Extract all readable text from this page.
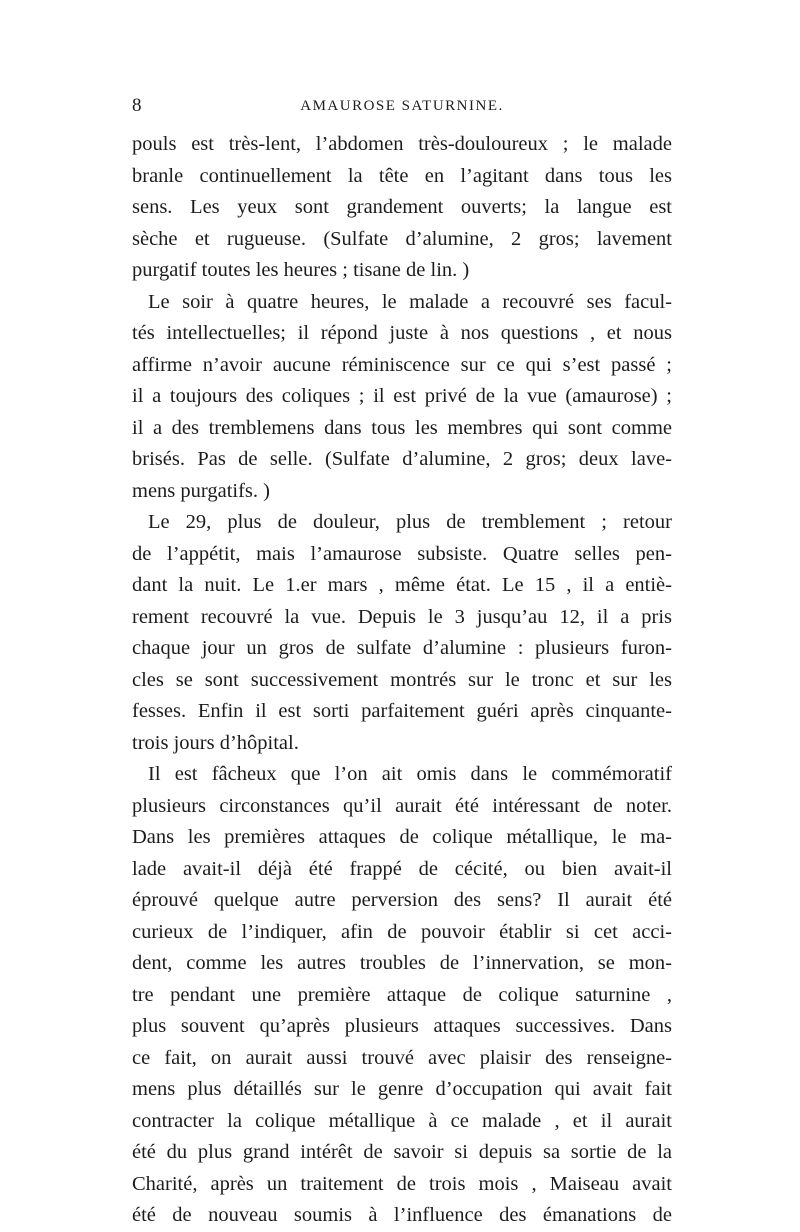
8	AMAUROSE SATURNINE.
pouls est très-lent, l’abdomen très-douloureux ; le malade
branle continuellement la tête en l’agitant dans tous les
sens. Les yeux sont grandement ouverts; la langue est
sèche et rugueuse. (Sulfate d’alumine, 2 gros; lavement
purgatif toutes les heures ; tisane de lin. )
Le soir à quatre heures, le malade a recouvré ses facul-
tés intellectuelles; il répond juste à nos questions , et nous
affirme n’avoir aucune réminiscence sur ce qui s’est passé ;
il a toujours des coliques ; il est privé de la vue (amaurose) ;
il a des tremblemens dans tous les membres qui sont comme
brisés. Pas de selle. (Sulfate d’alumine, 2 gros; deux lave-
mens purgatifs. )
Le 29, plus de douleur, plus de tremblement ; retour
de l’appétit, mais l’amaurose subsiste. Quatre selles pen-
dant la nuit. Le 1.er mars , même état. Le 15 , il a entiè-
rement recouvré la vue. Depuis le 3 jusqu’au 12, il a pris
chaque jour un gros de sulfate d’alumine : plusieurs furon-
cles se sont successivement montrés sur le tronc et sur les
fesses. Enfin il est sorti parfaitement guéri après cinquante-
trois jours d’hôpital.
Il est fâcheux que l’on ait omis dans le commémoratif
plusieurs circonstances qu’il aurait été intéressant de noter.
Dans les premières attaques de colique métallique, le ma-
lade avait-il déjà été frappé de cécité, ou bien avait-il
éprouvé quelque autre perversion des sens? Il aurait été
curieux de l’indiquer, afin de pouvoir établir si cet acci-
dent, comme les autres troubles de l’innervation, se mon-
tre pendant une première attaque de colique saturnine ,
plus souvent qu’après plusieurs attaques successives. Dans
ce fait, on aurait aussi trouvé avec plaisir des renseigne-
mens plus détaillés sur le genre d’occupation qui avait fait
contracter la colique métallique à ce malade , et il aurait
été du plus grand intérêt de savoir si depuis sa sortie de la
Charité, après un traitement de trois mois , Maiseau avait
été de nouveau soumis à l’influence des émanations de
